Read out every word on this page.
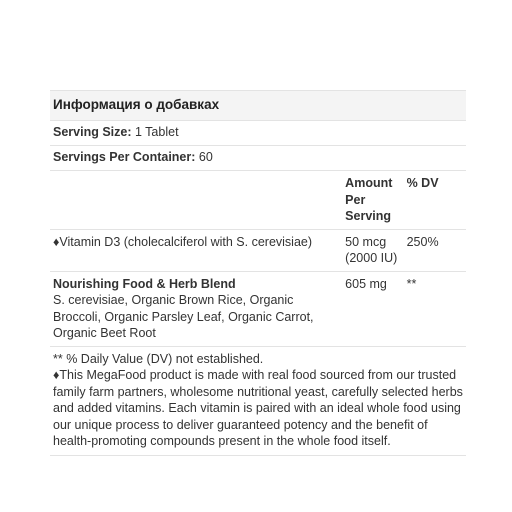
Информация о добавках
Serving Size: 1 Tablet
Servings Per Container: 60
Amount
Per
Serving
% DV
♦Vitamin D3 (cholecalciferol with S. cerevisiae)	50 mcg
(2000 IU)
250%
Nourishing Food & Herb Blend
S. cerevisiae, Organic Brown Rice, Organic Broccoli, Organic Parsley Leaf, Organic Carrot, Organic Beet Root
605 mg	**

** % Daily Value (DV) not established.

♦This MegaFood product is made with real food sourced from our trusted family farm partners, wholesome nutritional yeast, carefully selected herbs and added vitamins. Each vitamin is paired with an ideal whole food using our unique process to deliver guaranteed potency and the benefit of health-promoting compounds present in the whole food itself.
